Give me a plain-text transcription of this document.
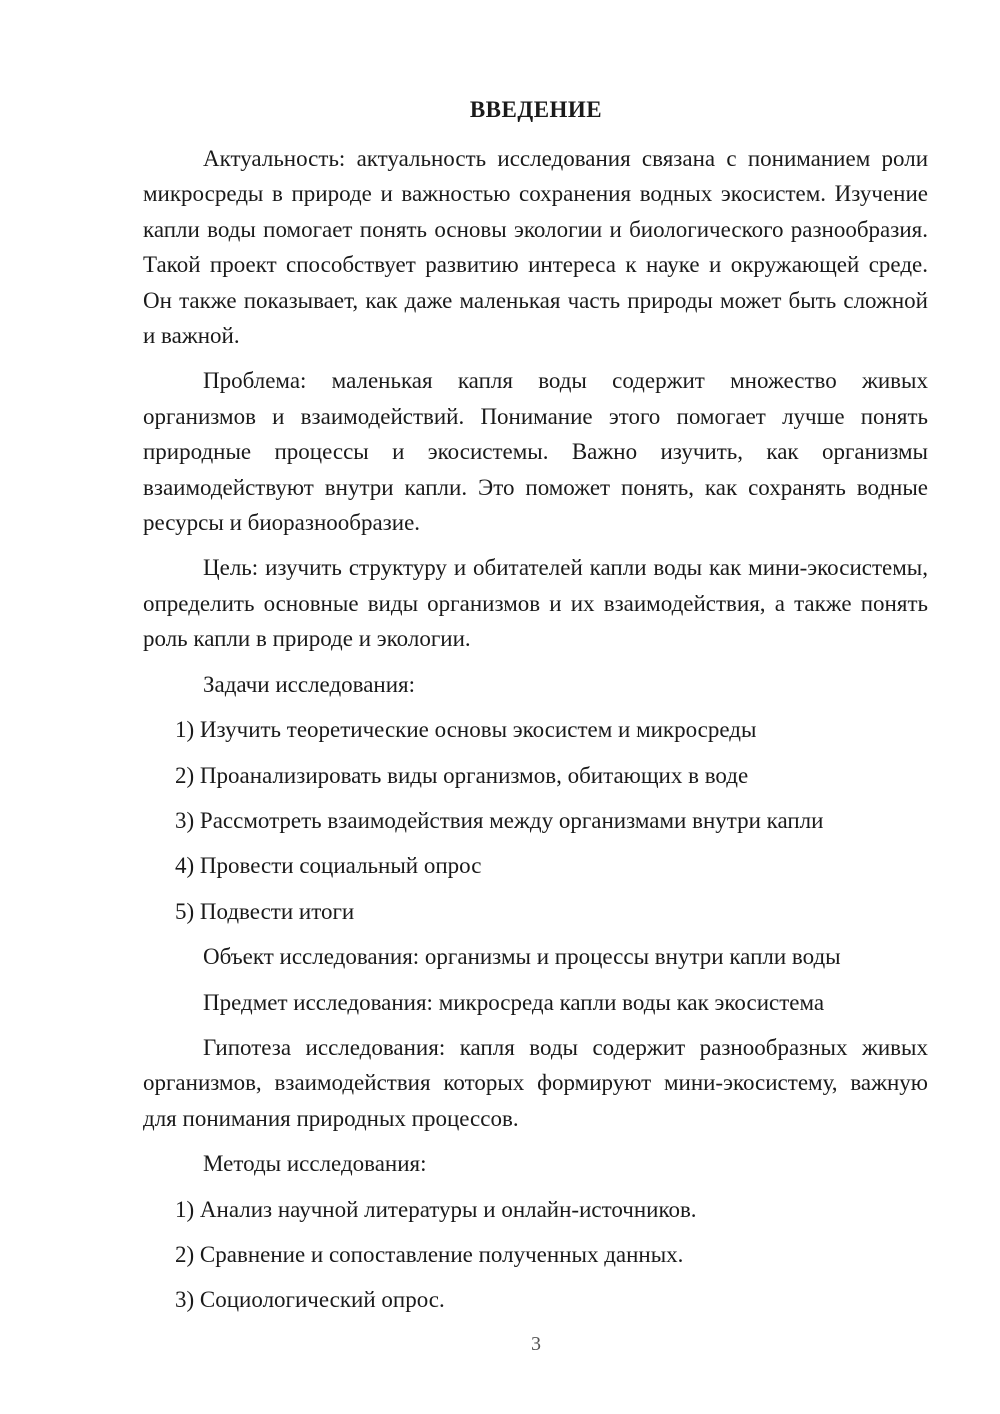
ВВЕДЕНИЕ

Актуальность: актуальность исследования связана с пониманием роли микросреды в природе и важностью сохранения водных экосистем. Изучение капли воды помогает понять основы экологии и биологического разнообразия. Такой проект способствует развитию интереса к науке и окружающей среде. Он также показывает, как даже маленькая часть природы может быть сложной и важной.

Проблема: маленькая капля воды содержит множество живых организмов и взаимодействий. Понимание этого помогает лучше понять природные процессы и экосистемы. Важно изучить, как организмы взаимодействуют внутри капли. Это поможет понять, как сохранять водные ресурсы и биоразнообразие.

Цель: изучить структуру и обитателей капли воды как мини-экосистемы, определить основные виды организмов и их взаимодействия, а также понять роль капли в природе и экологии.

Задачи исследования:

1) Изучить теоретические основы экосистем и микросреды

2) Проанализировать виды организмов, обитающих в воде

3) Рассмотреть взаимодействия между организмами внутри капли

4) Провести социальный опрос

5) Подвести итоги

Объект исследования: организмы и процессы внутри капли воды

Предмет исследования: микросреда капли воды как экосистема

Гипотеза исследования: капля воды содержит разнообразных живых организмов, взаимодействия которых формируют мини-экосистему, важную для понимания природных процессов.

Методы исследования:

1) Анализ научной литературы и онлайн-источников.

2) Сравнение и сопоставление полученных данных.

3) Социологический опрос.

3
